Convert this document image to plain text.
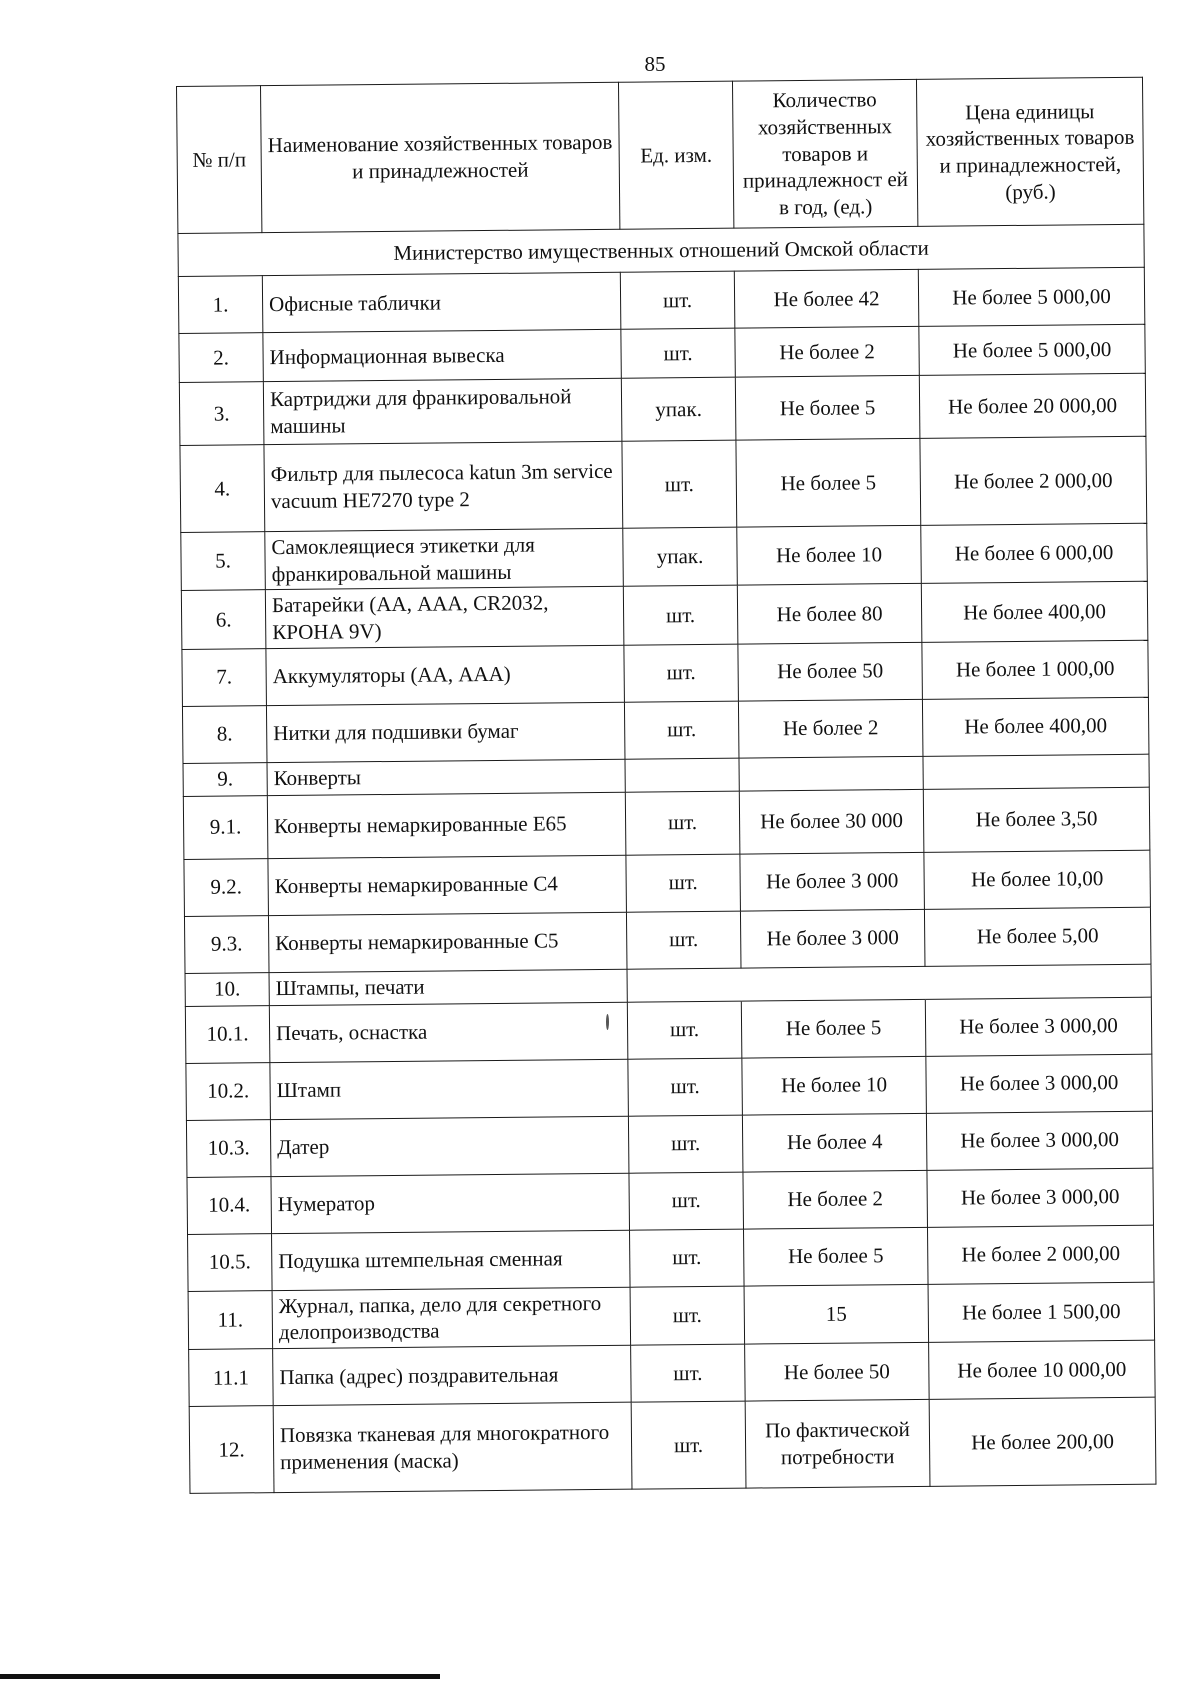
85
№ п/п	Наименование хозяйственных товаров и принадлежностей	Ед. изм.	Количество хозяйственных товаров и принадлежност ей в год, (ед.)	Цена единицы хозяйственных товаров и принадлежностей, (руб.)
Министерство имущественных отношений Омской области				
1.	Офисные таблички	шт.	Не более 42	Не более 5 000,00
2.	Информационная вывеска	шт.	Не более 2	Не более 5 000,00
3.	Картриджи для франкировальной машины	упак.	Не более 5	Не более 20 000,00
4.	Фильтр для пылесоса katun 3m service vacuum HE7270 type 2	шт.	Не более 5	Не более 2 000,00
5.	Самоклеящиеся этикетки для франкировальной машины	упак.	Не более 10	Не более 6 000,00
6.	Батарейки (АА, ААА, CR2032, КРОНА 9V)	шт.	Не более 80	Не более 400,00
7.	Аккумуляторы (АА, ААА)	шт.	Не более 50	Не более 1 000,00
8.	Нитки для подшивки бумаг	шт.	Не более 2	Не более 400,00
9.	Конверты			
9.1.	Конверты немаркированные Е65	шт.	Не более 30 000	Не более 3,50
9.2.	Конверты немаркированные С4	шт.	Не более 3 000	Не более 10,00
9.3.	Конверты немаркированные С5	шт.	Не более 3 000	Не более 5,00
10.	Штампы, печати			
10.1.	Печать, оснастка	шт.	Не более 5	Не более 3 000,00
10.2.	Штамп	шт.	Не более 10	Не более 3 000,00
10.3.	Датер	шт.	Не более 4	Не более 3 000,00
10.4.	Нумератор	шт.	Не более 2	Не более 3 000,00
10.5.	Подушка штемпельная сменная	шт.	Не более 5	Не более 2 000,00
11.	Журнал, папка, дело для секретного делопроизводства	шт.	15	Не более 1 500,00
11.1	Папка (адрес) поздравительная	шт.	Не более 50	Не более 10 000,00
12.	Повязка тканевая для многократного применения (маска)	шт.	По фактической потребности	Не более 200,00
